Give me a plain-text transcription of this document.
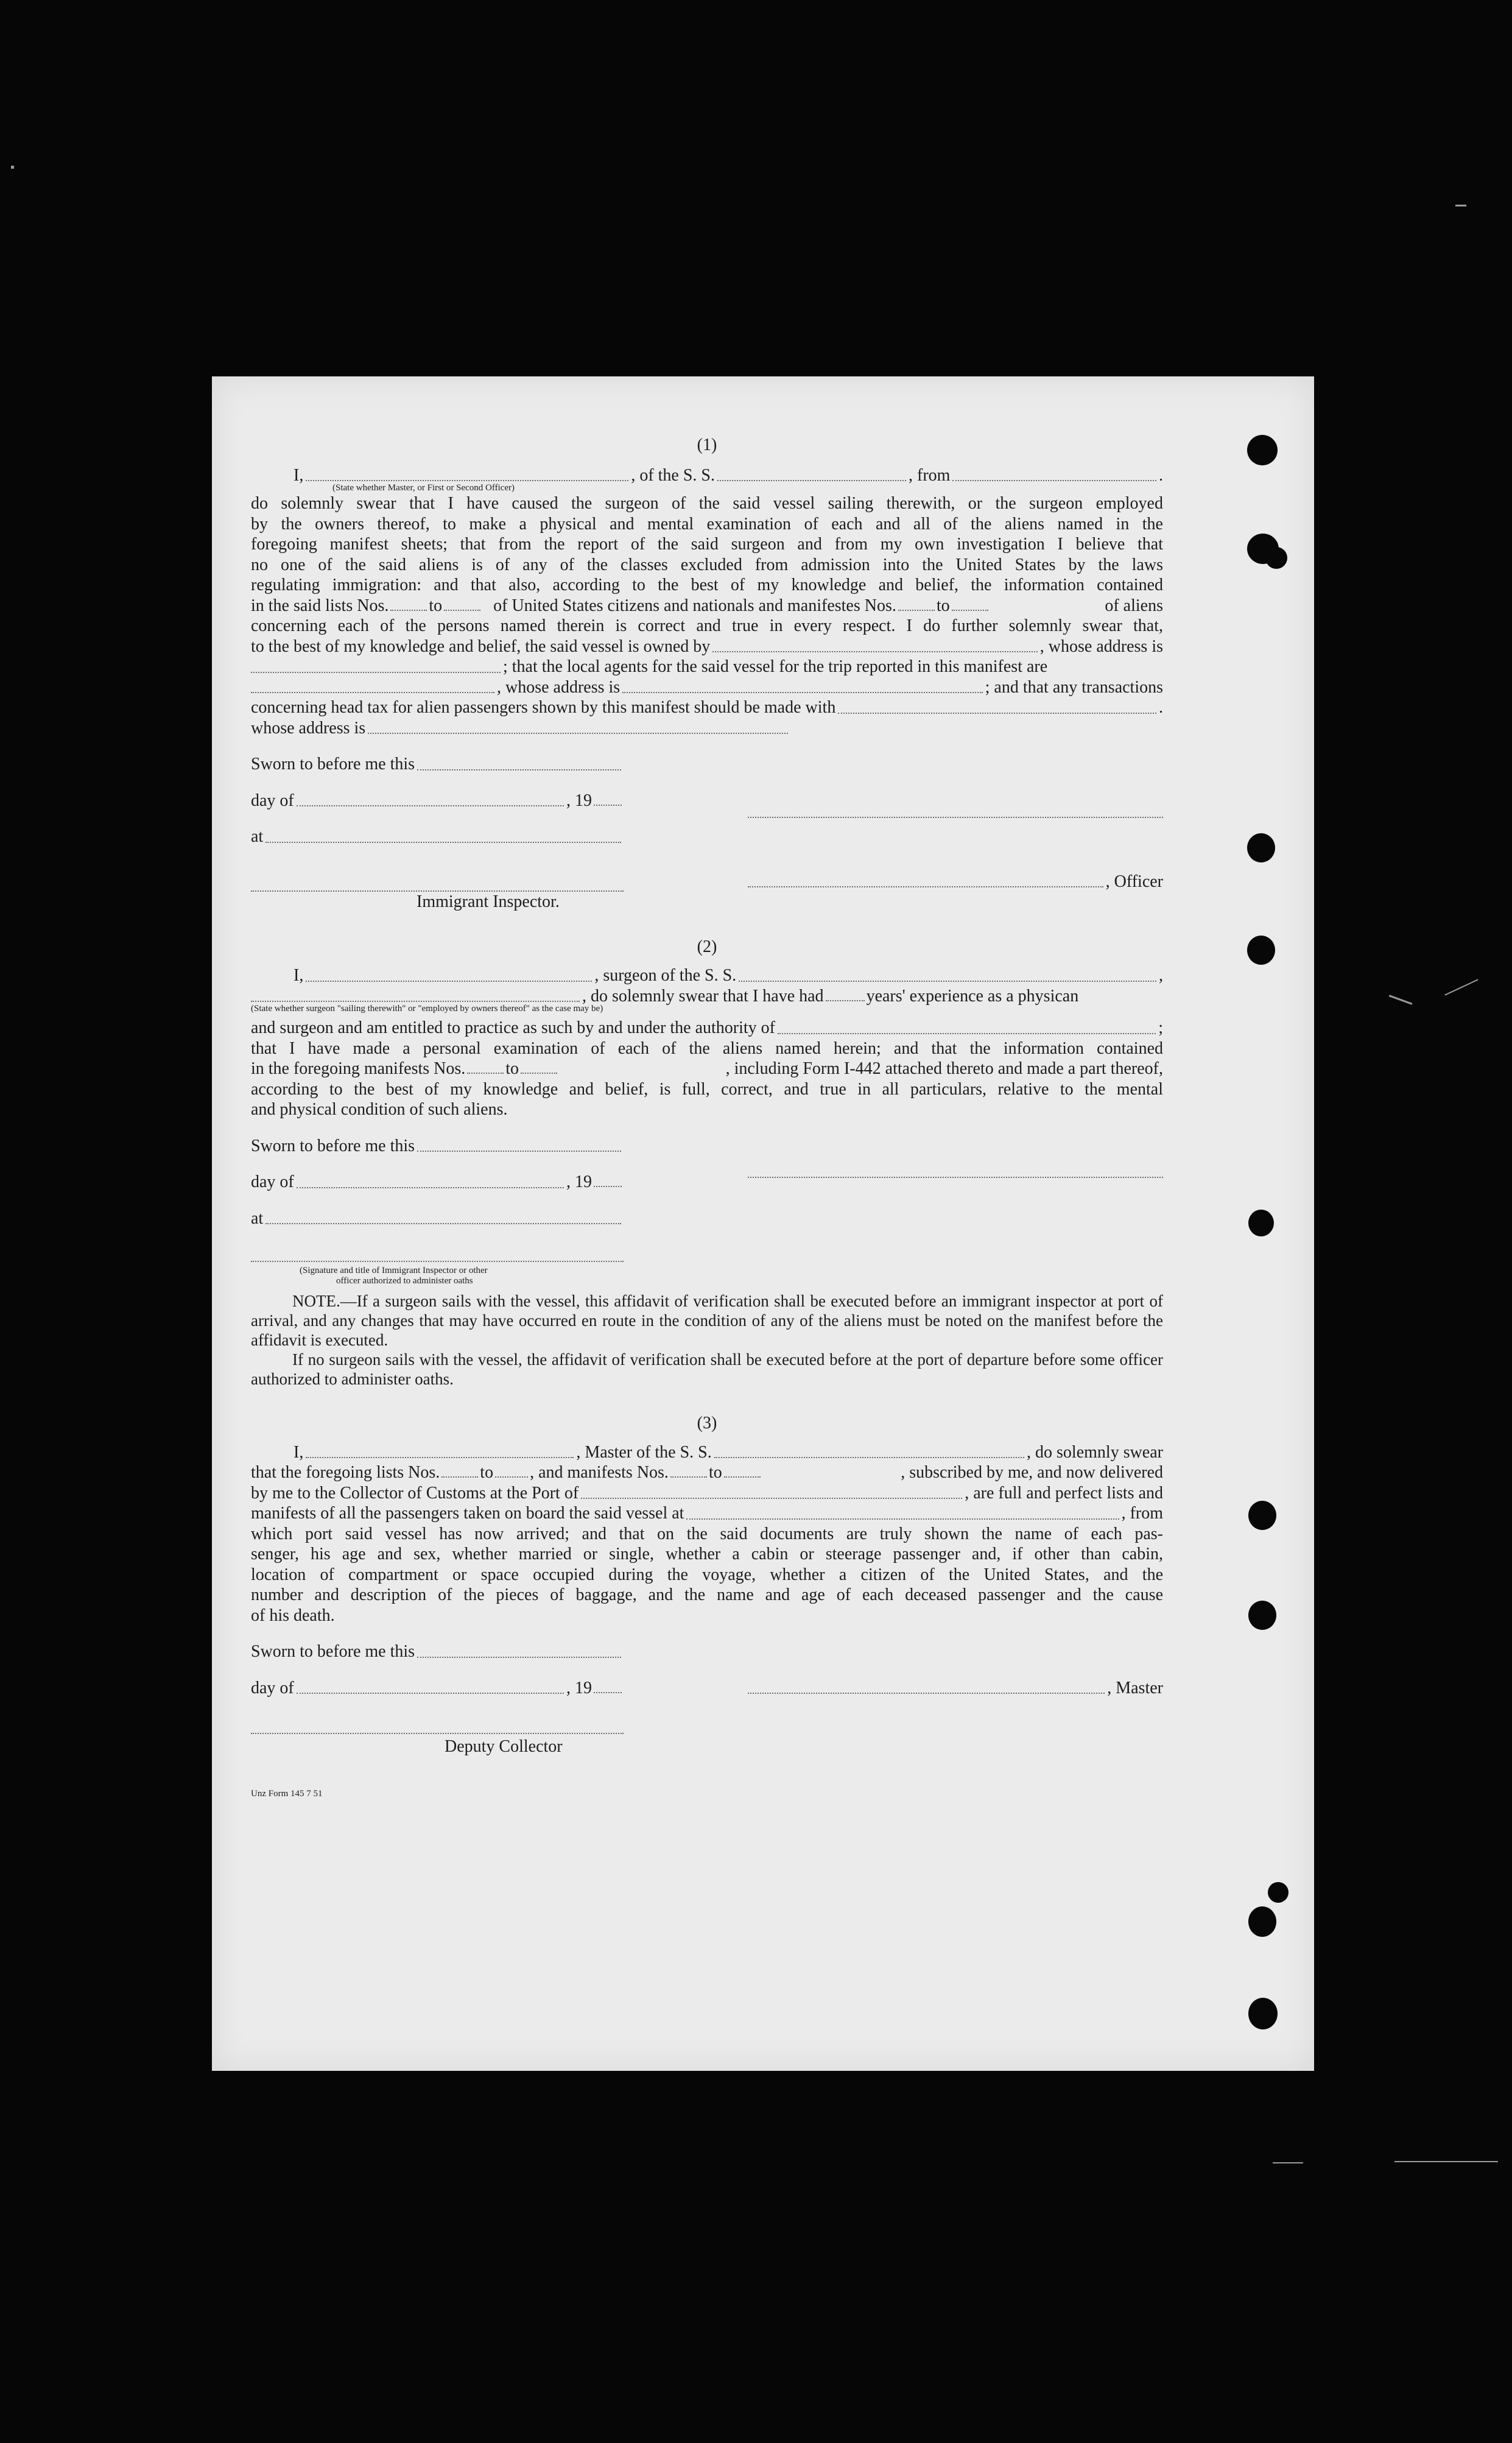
(1)

I,	, of the S. S.	, from	.
(State whether Master, or First or Second Officer)

do solemnly swear that I have caused the surgeon of the said vessel sailing therewith, or the surgeon employed

by the owners thereof, to make a physical and mental examination of each and all of the aliens named in the

foregoing manifest sheets; that from the report of the said surgeon and from my own investigation I believe that

no one of the said aliens is of any of the classes excluded from admission into the United States by the laws

regulating immigration: and that also, according to the best of my knowledge and belief, the information contained

in the said lists Nos. to	of United States citizens and nationals and manifestes Nos. to	of aliens

concerning each of the persons named therein is correct and true in every respect. I do further solemnly swear that,

to the best of my knowledge and belief, the said vessel is owned by	, whose address is
; that the local agents for the said vessel for the trip reported in this manifest are
, whose address is	; and that any transactions
concerning head tax for alien passengers shown by this manifest should be made with	.
whose address is
Sworn to before me this
day of	, 19
at
, Officer
Immigrant Inspector.

(2)

I,	, surgeon of the S. S.	,
, do solemnly swear that I have had	years' experience as a physican
(State whether surgeon "sailing therewith" or "employed by owners thereof" as the case may be)
and surgeon and am entitled to practice as such by and under the authority of	;

that I have made a personal examination of each of the aliens named herein; and that the information contained

in the foregoing manifests Nos. to	, including Form I-442 attached thereto and made a part thereof,

according to the best of my knowledge and belief, is full, correct, and true in all particulars, relative to the mental

and physical condition of such aliens.

Sworn to before me this
day of	, 19
at
(Signature and title of Immigrant Inspector or other
officer authorized to administer oaths

NOTE.—If a surgeon sails with the vessel, this affidavit of verification shall be executed before an immigrant inspector at port of arrival, and any changes that may have occurred en route in the condition of any of the aliens must be noted on the manifest before the affidavit is executed.

If no surgeon sails with the vessel, the affidavit of verification shall be executed before at the port of departure before some officer authorized to administer oaths.

(3)

I,	, Master of the S. S.	, do solemnly swear
that the foregoing lists Nos. to , and manifests Nos. to	, subscribed by me, and now delivered
by me to the Collector of Customs at the Port of	, are full and perfect lists and
manifests of all the passengers taken on board the said vessel at	, from

which port said vessel has now arrived; and that on the said documents are truly shown the name of each pas-

senger, his age and sex, whether married or single, whether a cabin or steerage passenger and, if other than cabin,

location of compartment or space occupied during the voyage, whether a citizen of the United States, and the

number and description of the pieces of baggage, and the name and age of each deceased passenger and the cause

of his death.

Sworn to before me this
day of	, 19	, Master
Deputy Collector
Unz Form 145 7 51
